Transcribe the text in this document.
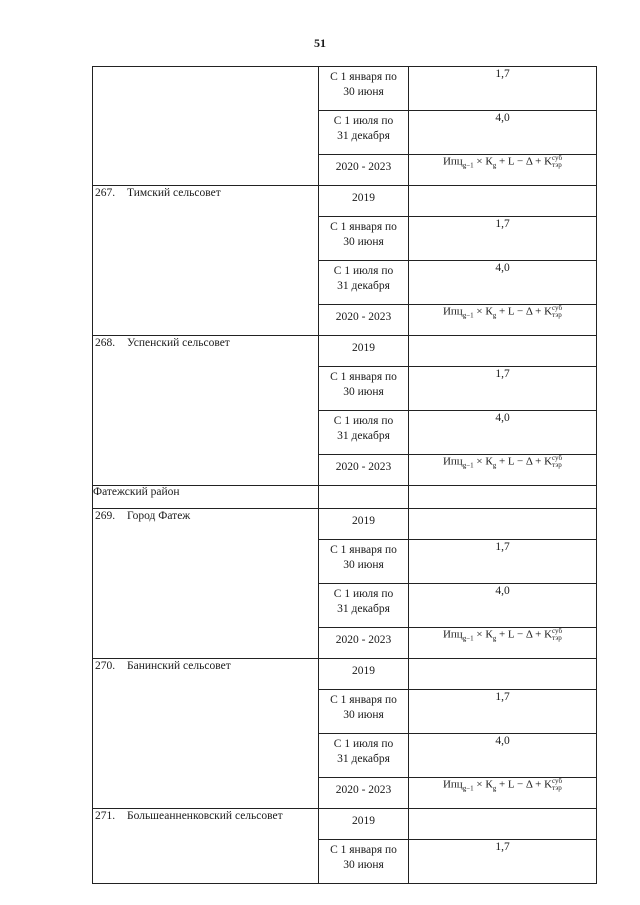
51
	С 1 января по
30 июня	1,7
	С 1 июля по
31 декабря	4,0
	2020 - 2023	$Ипц_{g-1} \times К_g + L - \Delta$ + Kсуб
тэр
267. Тимский сельсовет	2019	
	С 1 января по
30 июня	1,7
	С 1 июля по
31 декабря	4,0
	2020 - 2023	$Ипц_{g-1} \times К_g + L - \Delta$ + Kсуб
тэр
268. Успенский сельсовет	2019	
	С 1 января по
30 июня	1,7
	С 1 июля по
31 декабря	4,0
	2020 - 2023	$Ипц_{g-1} \times К_g + L - \Delta$ + Kсуб
тэр
Фатежский район		
269. Город Фатеж	2019	
	С 1 января по
30 июня	1,7
	С 1 июля по
31 декабря	4,0
	2020 - 2023	$Ипц_{g-1} \times К_g + L - \Delta$ + Kсуб
тэр
270. Банинский сельсовет	2019	
	С 1 января по
30 июня	1,7
	С 1 июля по
31 декабря	4,0
	2020 - 2023	$Ипц_{g-1} \times К_g + L - \Delta$ + Kсуб
тэр
271. Большеанненковский сельсовет	2019	
	С 1 января по
30 июня	1,7
